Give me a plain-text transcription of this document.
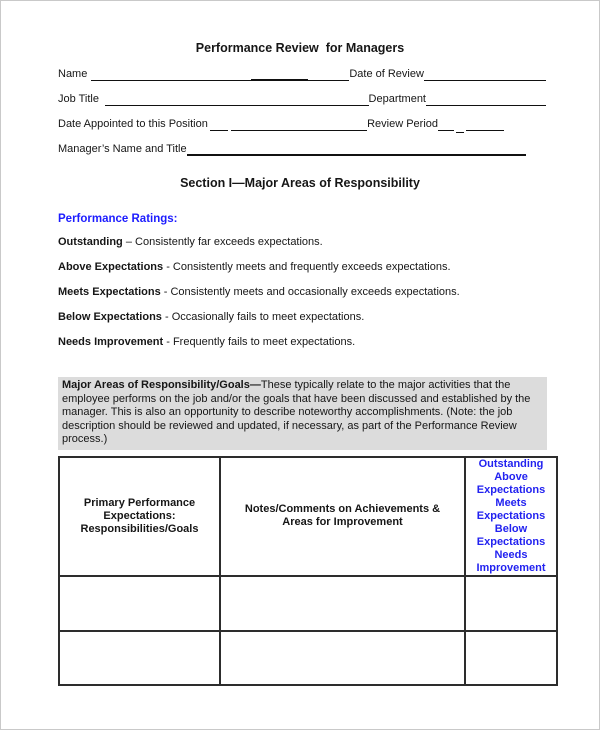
Performance Review  for Managers
Name	Date of Review
Job Title	Department
Date Appointed to this Position	Review Period
Manager’s Name and Title
Section I—Major Areas of Responsibility
Performance Ratings:

Outstanding – Consistently far exceeds expectations.

Above Expectations - Consistently meets and frequently exceeds expectations.

Meets Expectations - Consistently meets and occasionally exceeds expectations.

Below Expectations - Occasionally fails to meet expectations.

Needs Improvement - Frequently fails to meet expectations.

Major Areas of Responsibility/Goals—These typically relate to the major activities that the employee performs on the job and/or the goals that have been discussed and established by the manager. This is also an opportunity to describe noteworthy accomplishments. (Note: the job description should be reviewed and updated, if necessary, as part of the Performance Review process.)
Primary Performance
Expectations:
Responsibilities/Goals	Notes/Comments on Achievements &
Areas for Improvement	Outstanding
Above Expectations
Meets Expectations
Below Expectations
Needs Improvement
